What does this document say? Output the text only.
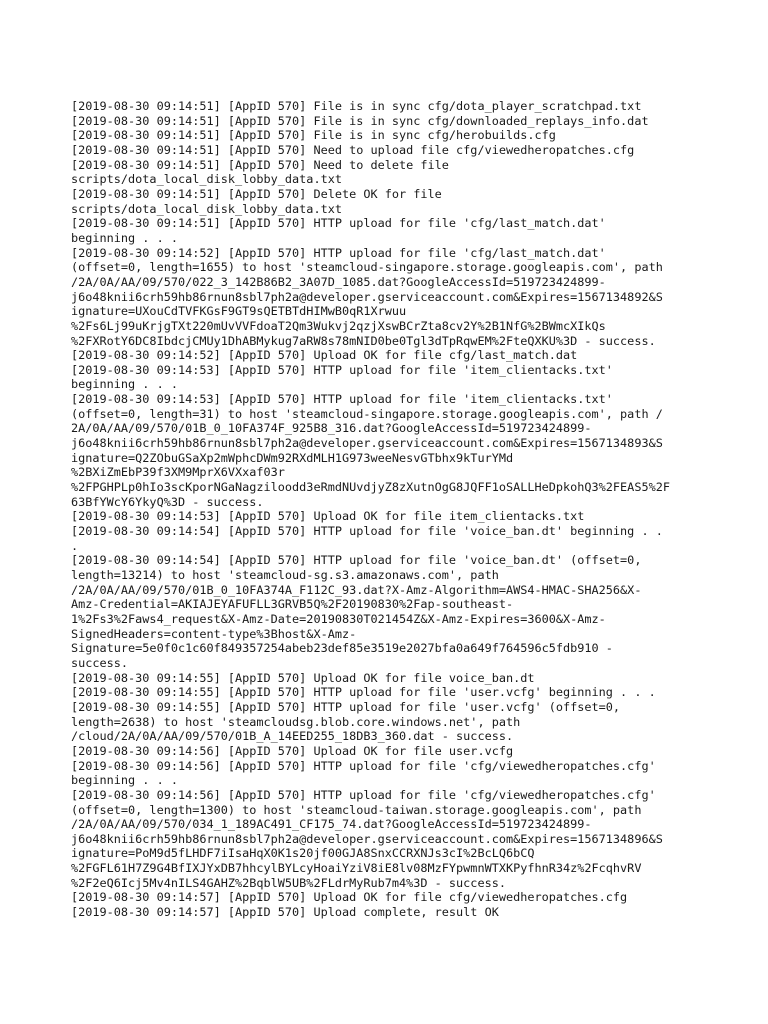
[2019-08-30 09:14:51] [AppID 570] File is in sync cfg/dota_player_scratchpad.txt
[2019-08-30 09:14:51] [AppID 570] File is in sync cfg/downloaded_replays_info.dat
[2019-08-30 09:14:51] [AppID 570] File is in sync cfg/herobuilds.cfg
[2019-08-30 09:14:51] [AppID 570] Need to upload file cfg/viewedheropatches.cfg
[2019-08-30 09:14:51] [AppID 570] Need to delete file
scripts/dota_local_disk_lobby_data.txt
[2019-08-30 09:14:51] [AppID 570] Delete OK for file
scripts/dota_local_disk_lobby_data.txt
[2019-08-30 09:14:51] [AppID 570] HTTP upload for file 'cfg/last_match.dat'
beginning . . .
[2019-08-30 09:14:52] [AppID 570] HTTP upload for file 'cfg/last_match.dat'
(offset=0, length=1655) to host 'steamcloud-singapore.storage.googleapis.com', path
/2A/0A/AA/09/570/022_3_142B86B2_3A07D_1085.dat?GoogleAccessId=519723424899-
j6o48knii6crh59hb86rnun8sbl7ph2a@developer.gserviceaccount.com&Expires=1567134892&S
ignature=UXouCdTVFKGsF9GT9sQETBTdHIMwB0qR1Xrwuu
%2Fs6Lj99uKrjgTXt220mUvVVFdoaT2Qm3Wukvj2qzjXswBCrZta8cv2Y%2B1NfG%2BWmcXIkQs
%2FXRotY6DC8IbdcjCMUy1DhABMykug7aRW8s78mNID0be0Tgl3dTpRqwEM%2FteQXKU%3D - success.
[2019-08-30 09:14:52] [AppID 570] Upload OK for file cfg/last_match.dat
[2019-08-30 09:14:53] [AppID 570] HTTP upload for file 'item_clientacks.txt'
beginning . . .
[2019-08-30 09:14:53] [AppID 570] HTTP upload for file 'item_clientacks.txt'
(offset=0, length=31) to host 'steamcloud-singapore.storage.googleapis.com', path /
2A/0A/AA/09/570/01B_0_10FA374F_925B8_316.dat?GoogleAccessId=519723424899-
j6o48knii6crh59hb86rnun8sbl7ph2a@developer.gserviceaccount.com&Expires=1567134893&S
ignature=Q2ZObuGSaXp2mWphcDWm92RXdMLH1G973weeNesvGTbhx9kTurYMd
%2BXiZmEbP39f3XM9MprX6VXxaf03r
%2FPGHPLp0hIo3scKporNGaNagziloodd3eRmdNUvdjyZ8zXutnOgG8JQFF1oSALLHeDpkohQ3%2FEAS5%2F
63BfYWcY6YkyQ%3D - success.
[2019-08-30 09:14:53] [AppID 570] Upload OK for file item_clientacks.txt
[2019-08-30 09:14:54] [AppID 570] HTTP upload for file 'voice_ban.dt' beginning . .
.
[2019-08-30 09:14:54] [AppID 570] HTTP upload for file 'voice_ban.dt' (offset=0,
length=13214) to host 'steamcloud-sg.s3.amazonaws.com', path
/2A/0A/AA/09/570/01B_0_10FA374A_F112C_93.dat?X-Amz-Algorithm=AWS4-HMAC-SHA256&X-
Amz-Credential=AKIAJEYAFUFLL3GRVB5Q%2F20190830%2Fap-southeast-
1%2Fs3%2Faws4_request&X-Amz-Date=20190830T021454Z&X-Amz-Expires=3600&X-Amz-
SignedHeaders=content-type%3Bhost&X-Amz-
Signature=5e0f0c1c60f849357254abeb23def85e3519e2027bfa0a649f764596c5fdb910 -
success.
[2019-08-30 09:14:55] [AppID 570] Upload OK for file voice_ban.dt
[2019-08-30 09:14:55] [AppID 570] HTTP upload for file 'user.vcfg' beginning . . .
[2019-08-30 09:14:55] [AppID 570] HTTP upload for file 'user.vcfg' (offset=0,
length=2638) to host 'steamcloudsg.blob.core.windows.net', path
/cloud/2A/0A/AA/09/570/01B_A_14EED255_18DB3_360.dat - success.
[2019-08-30 09:14:56] [AppID 570] Upload OK for file user.vcfg
[2019-08-30 09:14:56] [AppID 570] HTTP upload for file 'cfg/viewedheropatches.cfg'
beginning . . .
[2019-08-30 09:14:56] [AppID 570] HTTP upload for file 'cfg/viewedheropatches.cfg'
(offset=0, length=1300) to host 'steamcloud-taiwan.storage.googleapis.com', path
/2A/0A/AA/09/570/034_1_189AC491_CF175_74.dat?GoogleAccessId=519723424899-
j6o48knii6crh59hb86rnun8sbl7ph2a@developer.gserviceaccount.com&Expires=1567134896&S
ignature=PoM9d5fLHDF7iIsaHqX0K1s20jf00GJA8SnxCCRXNJs3cI%2BcLQ6bCQ
%2FGFL61H7Z9G4BfIXJYxDB7hhcylBYLcyHoaiYziV8iE8lv08MzFYpwmnWTXKPyfhnR34z%2FcqhvRV
%2F2eQ6Icj5Mv4nILS4GAHZ%2BqblW5UB%2FLdrMyRub7m4%3D - success.
[2019-08-30 09:14:57] [AppID 570] Upload OK for file cfg/viewedheropatches.cfg
[2019-08-30 09:14:57] [AppID 570] Upload complete, result OK
